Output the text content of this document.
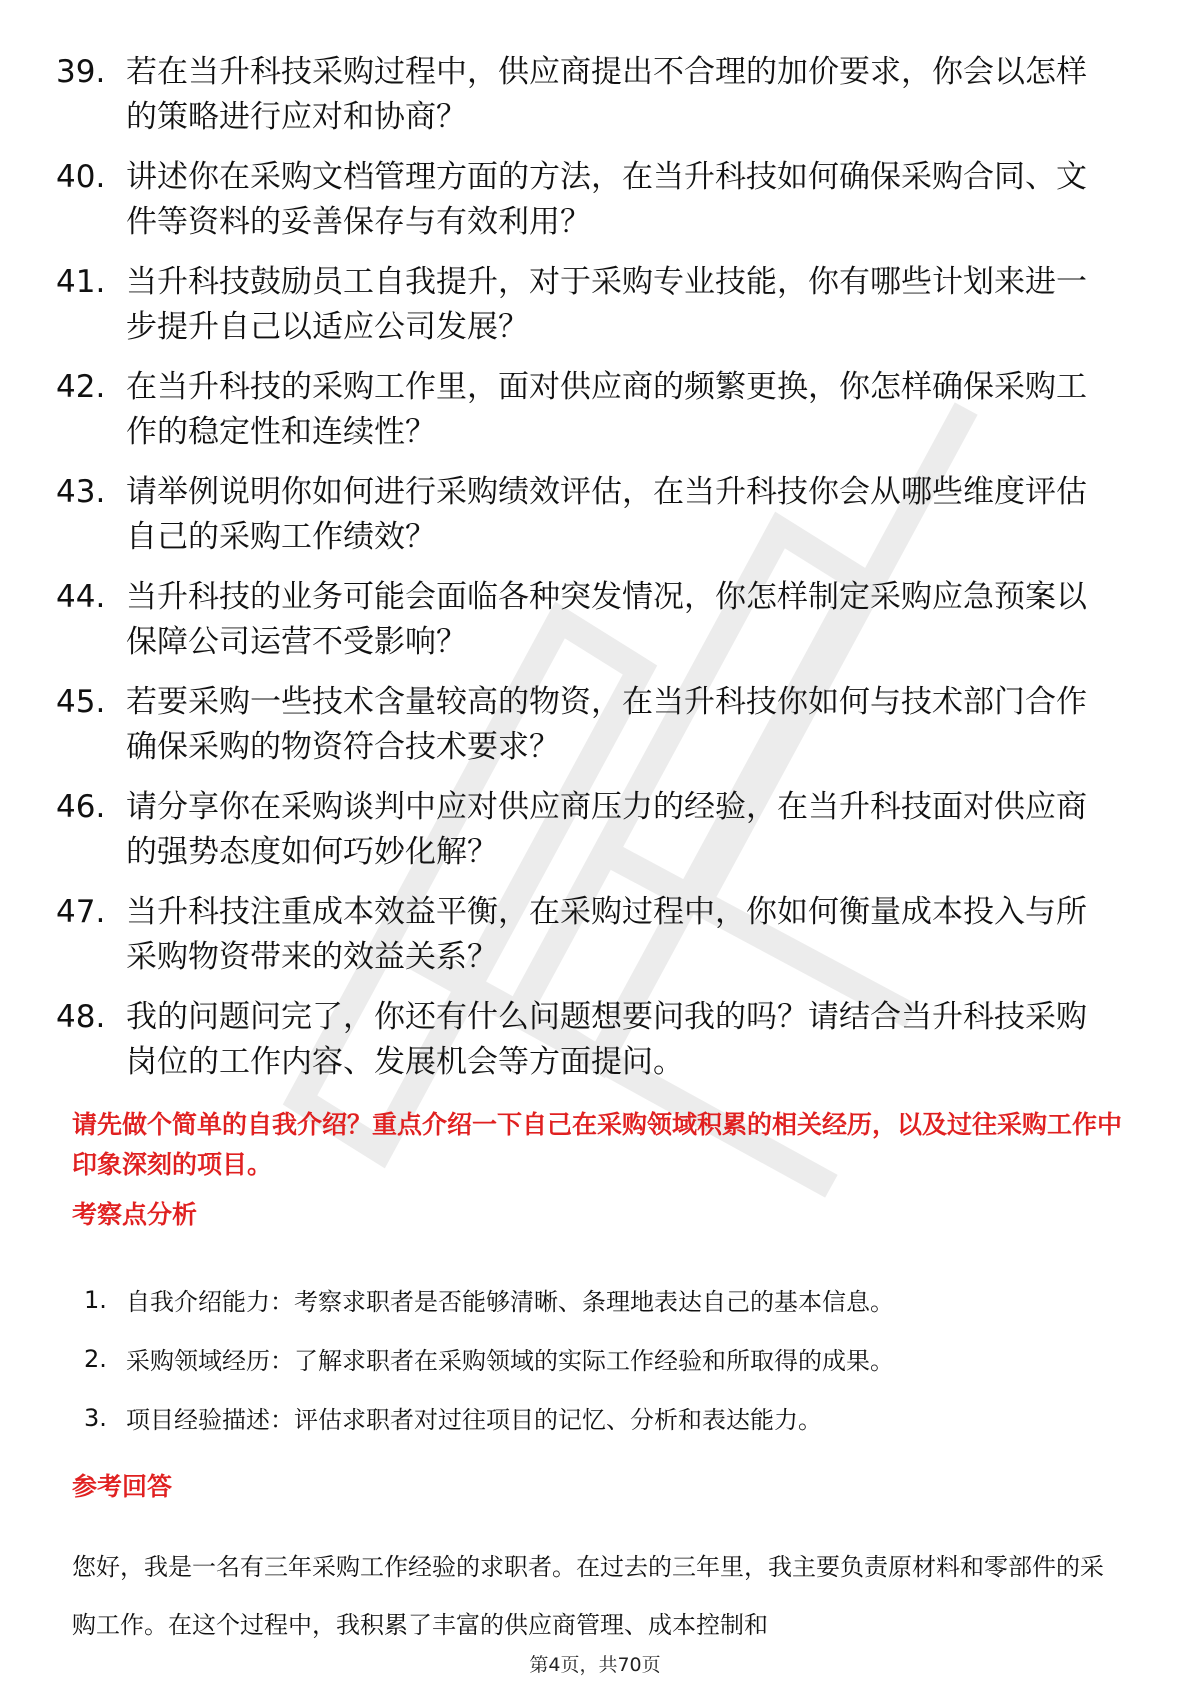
39. 若在当升科技采购过程中，供应商提出不合理的加价要求，你会以怎样的策略进行应对和协商？
40. 讲述你在采购文档管理方面的方法，在当升科技如何确保采购合同、文件等资料的妥善保存与有效利用？
41. 当升科技鼓励员工自我提升，对于采购专业技能，你有哪些计划来进一步提升自己以适应公司发展？
42. 在当升科技的采购工作里，面对供应商的频繁更换，你怎样确保采购工作的稳定性和连续性？
43. 请举例说明你如何进行采购绩效评估，在当升科技你会从哪些维度评估自己的采购工作绩效？
44. 当升科技的业务可能会面临各种突发情况，你怎样制定采购应急预案以保障公司运营不受影响？
45. 若要采购一些技术含量较高的物资，在当升科技你如何与技术部门合作确保采购的物资符合技术要求？
46. 请分享你在采购谈判中应对供应商压力的经验，在当升科技面对供应商的强势态度如何巧妙化解？
47. 当升科技注重成本效益平衡，在采购过程中，你如何衡量成本投入与所采购物资带来的效益关系？
48. 我的问题问完了，你还有什么问题想要问我的吗？请结合当升科技采购岗位的工作内容、发展机会等方面提问。
请先做个简单的自我介绍？重点介绍一下自己在采购领域积累的相关经历，以及过往采购工作中印象深刻的项目。
考察点分析
1. 自我介绍能力：考察求职者是否能够清晰、条理地表达自己的基本信息。
2. 采购领域经历：了解求职者在采购领域的实际工作经验和所取得的成果。
3. 项目经验描述：评估求职者对过往项目的记忆、分析和表达能力。
参考回答
您好，我是一名有三年采购工作经验的求职者。在过去的三年里，我主要负责原材料和零部件的采购工作。在这个过程中，我积累了丰富的供应商管理、成本控制和
第4页，共70页
